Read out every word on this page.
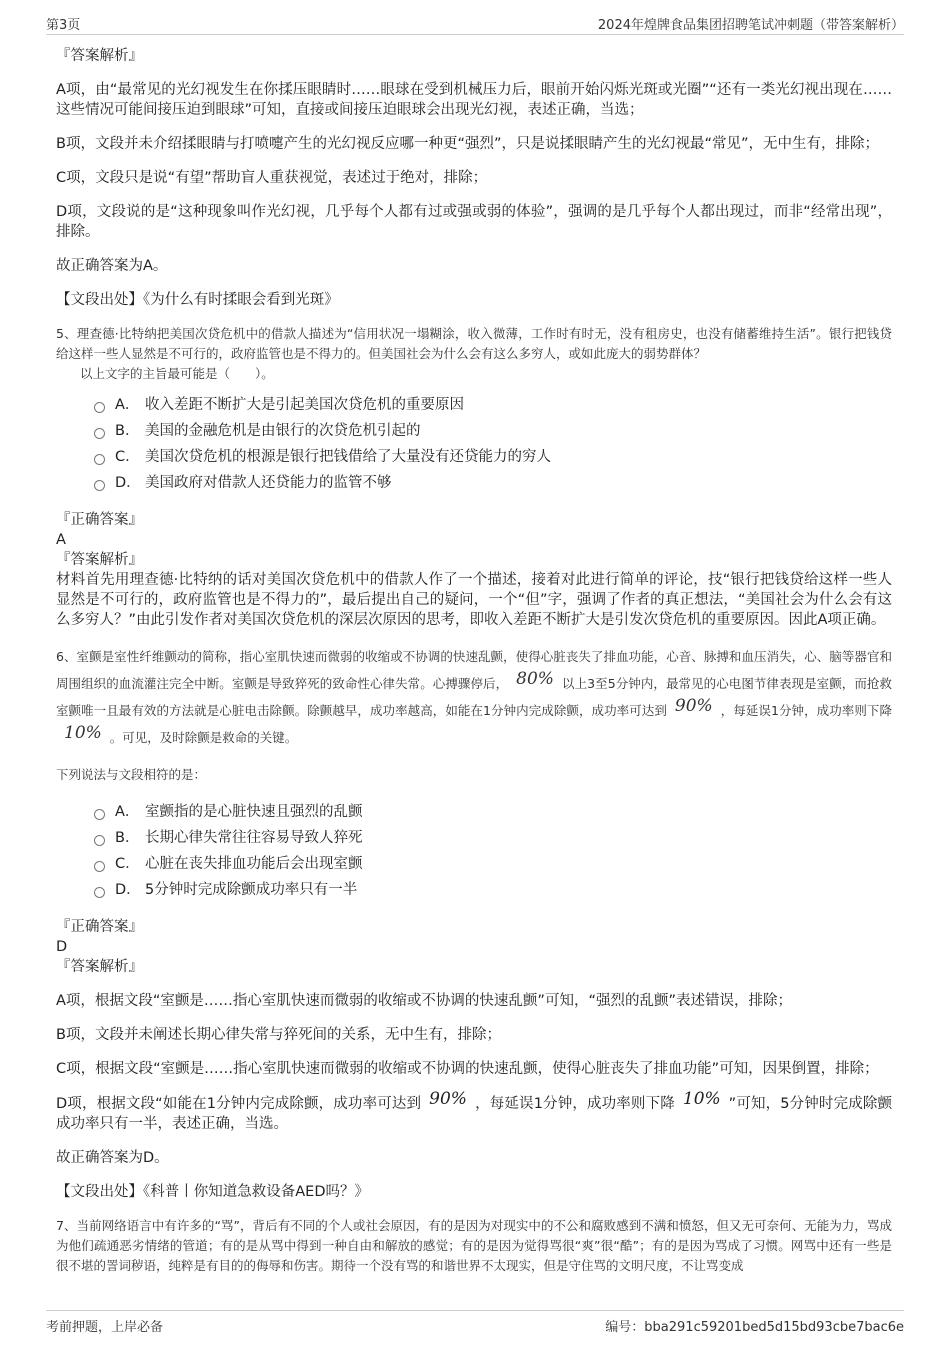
第3页	2024年煌牌食品集团招聘笔试冲刺题（带答案解析）

『答案解析』

A项，由“最常见的光幻视发生在你揉压眼睛时……眼球在受到机械压力后，眼前开始闪烁光斑或光圈”“还有一类光幻视出现在……这些情况可能间接压迫到眼球”可知，直接或间接压迫眼球会出现光幻视，表述正确，当选；

B项，文段并未介绍揉眼睛与打喷嚏产生的光幻视反应哪一种更“强烈”，只是说揉眼睛产生的光幻视最“常见”，无中生有，排除；

C项，文段只是说“有望”帮助盲人重获视觉，表述过于绝对，排除；

D项，文段说的是“这种现象叫作光幻视，几乎每个人都有过或强或弱的体验”，强调的是几乎每个人都出现过，而非“经常出现”，排除。

故正确答案为A。

【文段出处】《为什么有时揉眼会看到光斑》

5、理查德·比特纳把美国次贷危机中的借款人描述为“信用状况一塌糊涂，收入微薄，工作时有时无，没有租房史，也没有储蓄维持生活”。银行把钱贷给这样一些人显然是不可行的，政府监管也是不得力的。但美国社会为什么会有这么多穷人，或如此庞大的弱势群体？

以上文字的主旨最可能是（　　）。

A． 收入差距不断扩大是引起美国次贷危机的重要原因
B． 美国的金融危机是由银行的次贷危机引起的
C． 美国次贷危机的根源是银行把钱借给了大量没有还贷能力的穷人
D． 美国政府对借款人还贷能力的监管不够

『正确答案』

A

『答案解析』

材料首先用理查德·比特纳的话对美国次贷危机中的借款人作了一个描述，接着对此进行简单的评论，技“银行把钱贷给这样一些人显然是不可行的，政府监管也是不得力的”，最后提出自己的疑问，一个“但”字，强调了作者的真正想法，“美国社会为什么会有这么多穷人？”由此引发作者对美国次贷危机的深层次原因的思考，即收入差距不断扩大是引发次贷危机的重要原因。因此A项正确。

6、室颤是室性纤维颤动的简称，指心室肌快速而微弱的收缩或不协调的快速乱颤，使得心脏丧失了排血功能，心音、脉搏和血压消失，心、脑等器官和周围组织的血流灌注完全中断。室颤是导致猝死的致命性心律失常。心搏骤停后， 80% 以上3至5分钟内，最常见的心电图节律表现是室颤，而抢救室颤唯一且最有效的方法就是心脏电击除颤。除颤越早，成功率越高，如能在1分钟内完成除颤，成功率可达到 90% ，每延误1分钟，成功率则下降10% 。可见，及时除颤是救命的关键。

下列说法与文段相符的是：

A． 室颤指的是心脏快速且强烈的乱颤
B． 长期心律失常往往容易导致人猝死
C． 心脏在丧失排血功能后会出现室颤
D． 5分钟时完成除颤成功率只有一半

『正确答案』

D

『答案解析』

A项，根据文段“室颤是……指心室肌快速而微弱的收缩或不协调的快速乱颤”可知，“强烈的乱颤”表述错误，排除；

B项，文段并未阐述长期心律失常与猝死间的关系，无中生有，排除；

C项，根据文段“室颤是……指心室肌快速而微弱的收缩或不协调的快速乱颤，使得心脏丧失了排血功能”可知，因果倒置，排除；

D项，根据文段“如能在1分钟内完成除颤，成功率可达到 90% ，每延误1分钟，成功率则下降 10% ”可知，5分钟时完成除颤成功率只有一半，表述正确，当选。

故正确答案为D。

【文段出处】《科普丨你知道急救设备AED吗？》

7、当前网络语言中有许多的“骂”，背后有不同的个人或社会原因，有的是因为对现实中的不公和腐败感到不满和愤怒，但又无可奈何、无能为力，骂成为他们疏通恶劣情绪的管道；有的是从骂中得到一种自由和解放的感觉；有的是因为觉得骂很“爽”很“酷”；有的是因为骂成了习惯。网骂中还有一些是很不堪的詈词秽语，纯粹是有目的的侮辱和伤害。期待一个没有骂的和谐世界不太现实，但是守住骂的文明尺度，不让骂变成

考前押题，上岸必备	编号：bba291c59201bed5d15bd93cbe7bac6e
